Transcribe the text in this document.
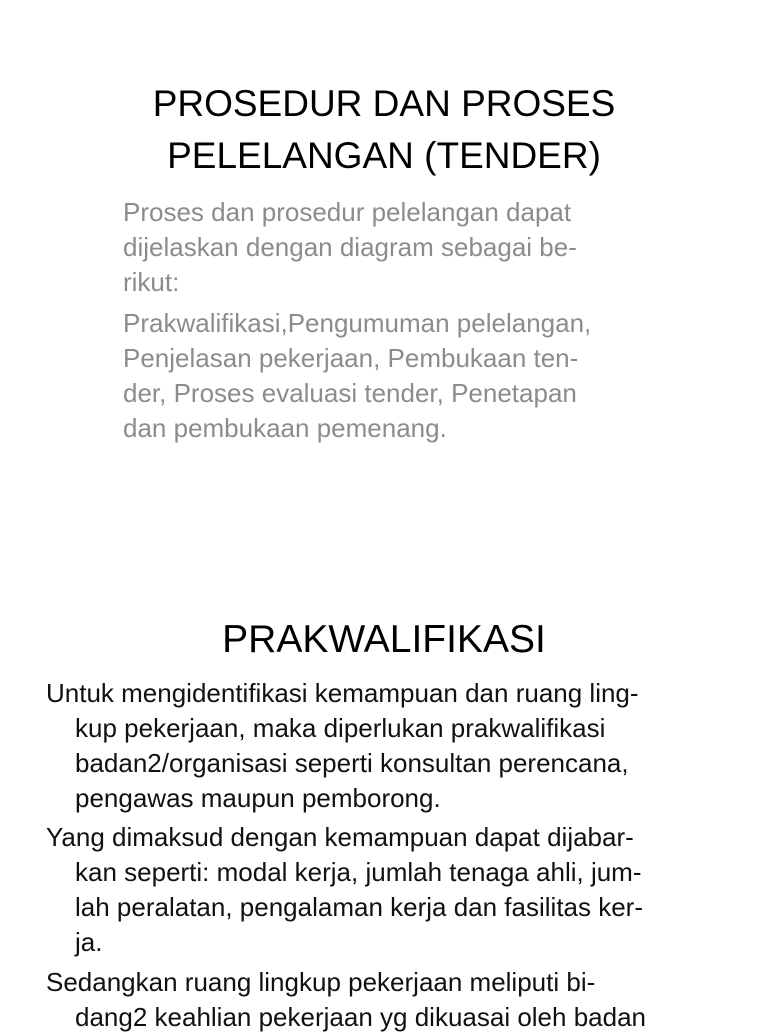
PROSEDUR DAN PROSES
PELELANGAN (TENDER)

Proses dan prosedur pelelangan dapat
dijelaskan dengan diagram sebagai be-
rikut:

Prakwalifikasi,Pengumuman pelelangan,
Penjelasan pekerjaan, Pembukaan ten-
der, Proses evaluasi tender, Penetapan
dan pembukaan pemenang.

PRAKWALIFIKASI

Untuk mengidentifikasi kemampuan dan ruang ling-
kup pekerjaan, maka diperlukan prakwalifikasi
badan2/organisasi seperti konsultan perencana,
pengawas maupun pemborong.

Yang dimaksud dengan kemampuan dapat dijabar-
kan seperti: modal kerja, jumlah tenaga ahli, jum-
lah peralatan, pengalaman kerja dan fasilitas ker-
ja.

Sedangkan ruang lingkup pekerjaan meliputi bi-
dang2 keahlian pekerjaan yg dikuasai oleh badan
